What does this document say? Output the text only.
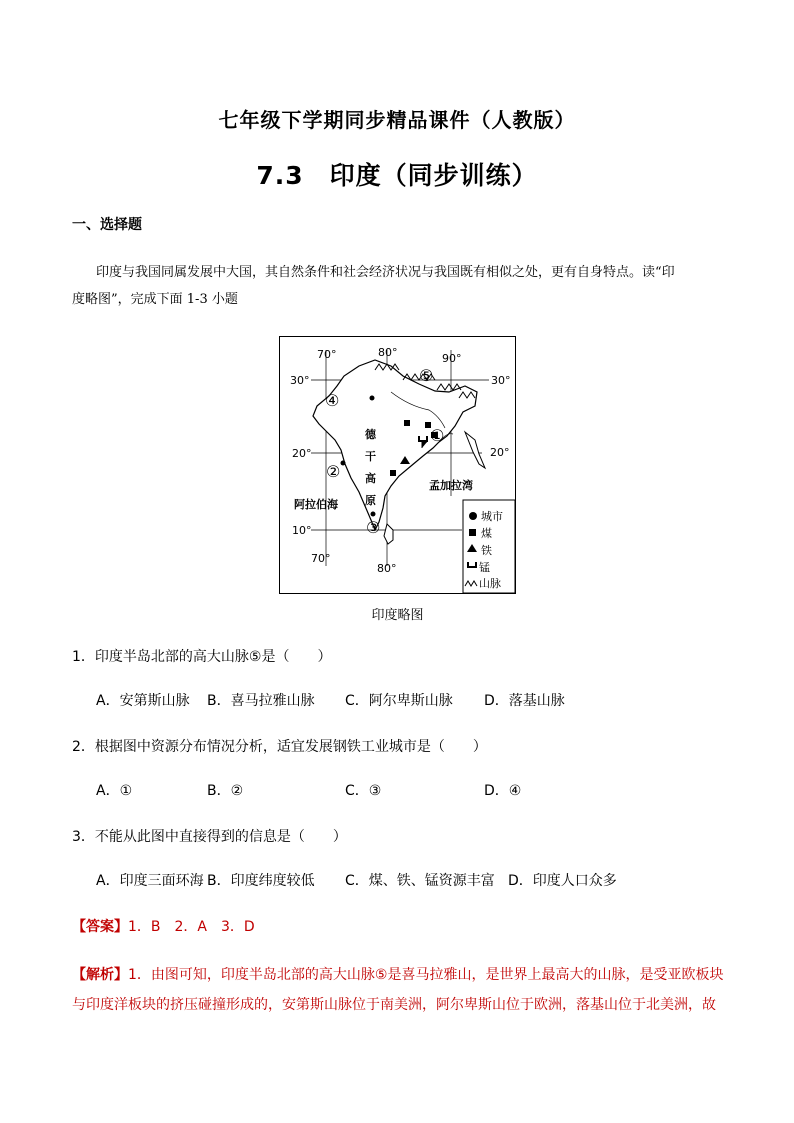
七年级下学期同步精品课件（人教版）
7.3　印度（同步训练）
一、选择题
印度与我国同属发展中大国，其自然条件和社会经济状况与我国既有相似之处，更有自身特点。读“印
度略图”，完成下面 1-3 小题
70°	80°	90°
70°
80°
30°	30°
20°	20°
10°
④
②
③
①
⑤
德
干
高
原
阿拉伯海
孟加拉湾
城市
煤
铁
锰
山脉
印度略图
1．印度半岛北部的高大山脉⑤是（　　）
A．安第斯山脉 B．喜马拉雅山脉 C．阿尔卑斯山脉 D．落基山脉
2．根据图中资源分布情况分析，适宜发展钢铁工业城市是（　　）
A．①	B．②	C．③	D．④
3．不能从此图中直接得到的信息是（　　）
A．印度三面环海 B．印度纬度较低 C．煤、铁、锰资源丰富 D．印度人口众多
【答案】1．B　2．A　3．D
【解析】1．由图可知，印度半岛北部的高大山脉⑤是喜马拉雅山，是世界上最高大的山脉，是受亚欧板块
与印度洋板块的挤压碰撞形成的，安第斯山脉位于南美洲，阿尔卑斯山位于欧洲，落基山位于北美洲，故
